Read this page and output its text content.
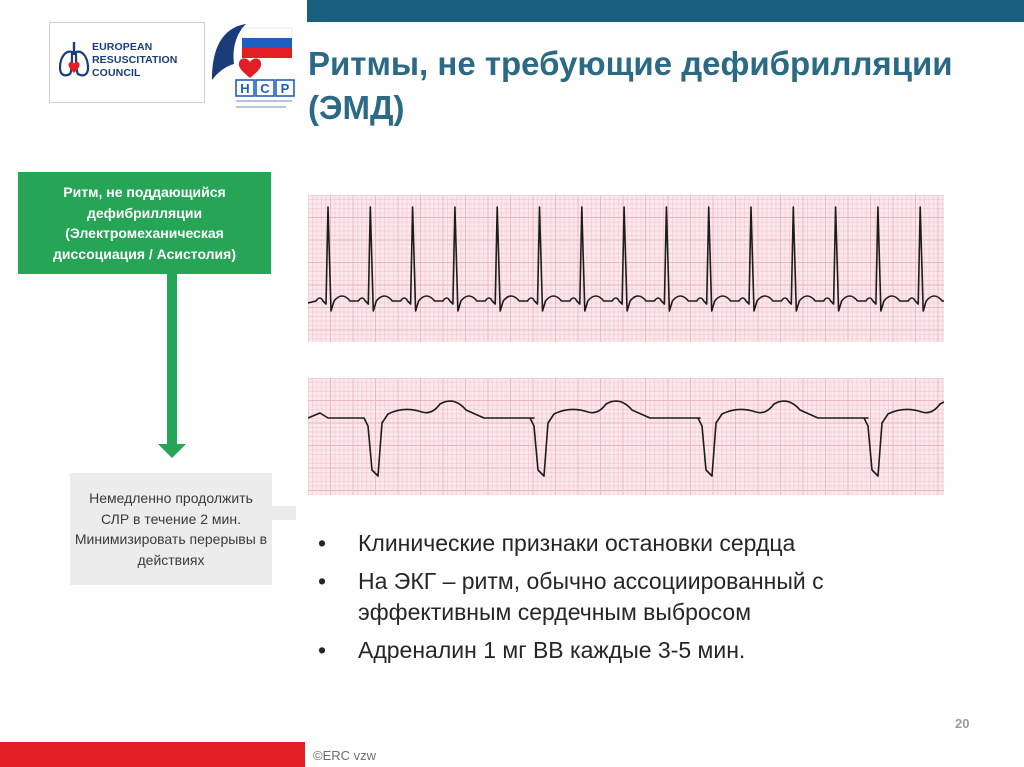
EUROPEAN
RESUSCITATION
COUNCIL
Н С Р
Ритмы, не требующие дефибрилляции (ЭМД)
Ритм, не поддающийся дефибрилляции (Электромеханическая диссоциация / Асистолия)
Немедленно продолжить СЛР в течение 2 мин. Минимизировать перерывы в действиях
• Клинические признаки остановки сердца
• На ЭКГ – ритм, обычно ассоциированный с эффективным сердечным выбросом
• Адреналин 1 мг ВВ каждые 3-5 мин.
20
©ERC vzw
